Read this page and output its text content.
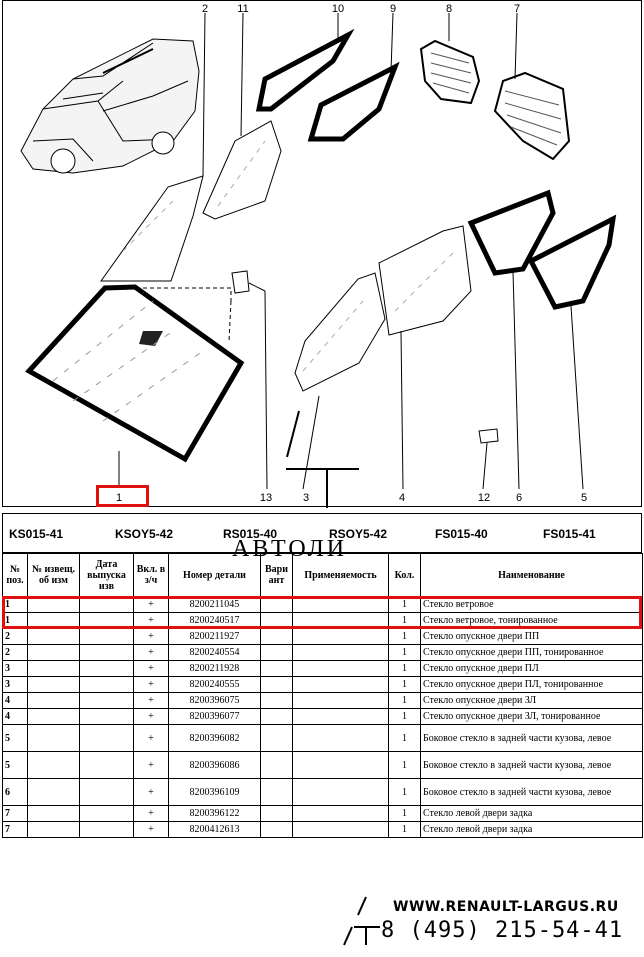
2	11	10	9	8	7
1	13	3	4	12	6	5
KS015-41	KSOY5-42	RS015-40	RSOY5-42	FS015-40	FS015-41
АВТОЛИ
№ поз.	№ извещ. об изм	Дата выпуска изв	Вкл. в з/ч	Номер детали	Вари ант	Применяемость	Кол.	Наименование
1			+	8200211045			1	Стекло ветровое
1			+	8200240517			1	Стекло ветровое, тонированное
2			+	8200211927			1	Стекло опускное двери ПП
2			+	8200240554			1	Стекло опускное двери ПП, тонированное
3			+	8200211928			1	Стекло опускное двери ПЛ
3			+	8200240555			1	Стекло опускное двери ПЛ, тонированное
4			+	8200396075			1	Стекло опускное двери ЗЛ
4			+	8200396077			1	Стекло опускное двери ЗЛ, тонированное
5			+	8200396082			1	Боковое стекло в задней части кузова, левое
5			+	8200396086			1	Боковое стекло в задней части кузова, левое
6			+	8200396109			1	Боковое стекло в задней части кузова, левое
7			+	8200396122			1	Стекло левой двери задка
7			+	8200412613			1	Стекло левой двери задка
WWW.RENAULT-LARGUS.RU
8 (495) 215-54-41
